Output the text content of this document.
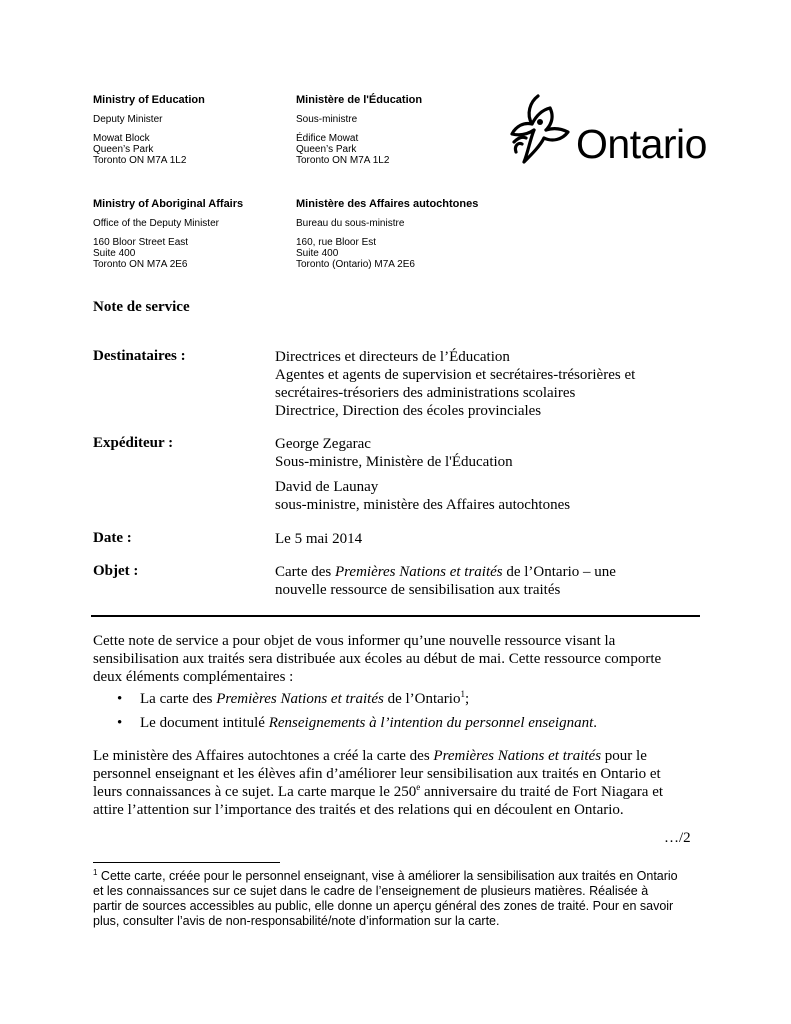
Ministry of Education

Deputy Minister

Mowat Block

Queen’s Park

Toronto ON M7A 1L2

Ministère de l'Éducation

Sous-ministre

Édifice Mowat

Queen’s Park

Toronto ON M7A 1L2

Ministry of Aboriginal Affairs

Office of the Deputy Minister

160 Bloor Street East

Suite 400

Toronto ON M7A 2E6

Ministère des Affaires autochtones

Bureau du sous-ministre

160, rue Bloor Est

Suite 400

Toronto (Ontario) M7A 2E6

Ontario
Note de service
Destinataires :	Directrices et directeurs de l’Éducation

Agentes et agents de supervision et secrétaires-trésorières et

secrétaires-trésoriers des administrations scolaires

Directrice, Direction des écoles provinciales

Expéditeur :	George Zegarac

Sous-ministre, Ministère de l'Éducation

David de Launay

sous-ministre, ministère des Affaires autochtones

Date :	Le 5 mai 2014
Objet :	Carte des Premières Nations et traités de l’Ontario – une

nouvelle ressource de sensibilisation aux traités

Cette note de service a pour objet de vous informer qu’une nouvelle ressource visant la

sensibilisation aux traités sera distribuée aux écoles au début de mai. Cette ressource comporte

deux éléments complémentaires :

•	La carte des Premières Nations et traités de l’Ontario$^1$;
•	Le document intitulé Renseignements à l’intention du personnel enseignant.

Le ministère des Affaires autochtones a créé la carte des Premières Nations et traités pour le

personnel enseignant et les élèves afin d’améliorer leur sensibilisation aux traités en Ontario et

leurs connaissances à ce sujet. La carte marque le 250e anniversaire du traité de Fort Niagara et

attire l’attention sur l’importance des traités et des relations qui en découlent en Ontario.

…/2

$^1$ Cette carte, créée pour le personnel enseignant, vise à améliorer la sensibilisation aux traités en Ontario

et les connaissances sur ce sujet dans le cadre de l’enseignement de plusieurs matières. Réalisée à

partir de sources accessibles au public, elle donne un aperçu général des zones de traité. Pour en savoir

plus, consulter l’avis de non-responsabilité/note d’information sur la carte.
